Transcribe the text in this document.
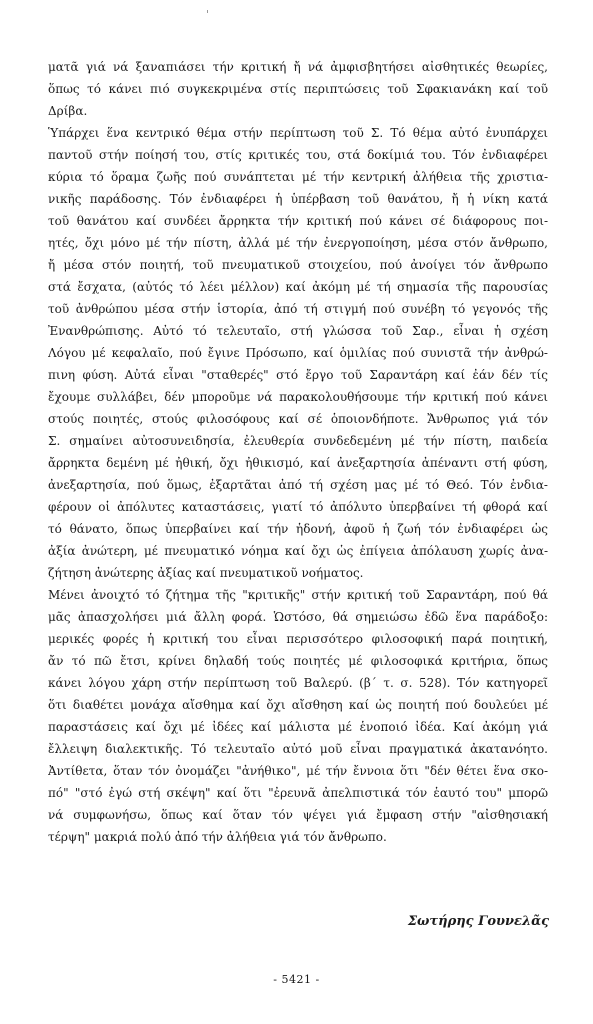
ματᾶ γιά νά ξαναπιάσει τήν κριτική ἤ νά ἀμφισβητήσει αἰσθητικές θεωρίες,
ὅπως τό κάνει πιό συγκεκριμένα στίς περιπτώσεις τοῦ Σφακιανάκη καί τοῦ
Δρίβα.
Ὑπάρχει ἕνα κεντρικό θέμα στήν περίπτωση τοῦ Σ. Τό θέμα αὐτό ἐνυπάρχει
παντοῦ στήν ποίησή του, στίς κριτικές του, στά δοκίμιά του. Τόν ἐνδιαφέρει
κύρια τό ὅραμα ζωῆς πού συνάπτεται μέ τήν κεντρική ἀλήθεια τῆς χριστια-
νικῆς παράδοσης. Τόν ἐνδιαφέρει ἡ ὑπέρβαση τοῦ θανάτου, ἤ ἡ νίκη κατά
τοῦ θανάτου καί συνδέει ἄρρηκτα τήν κριτική πού κάνει σέ διάφορους ποι-
ητές, ὄχι μόνο μέ τήν πίστη, ἀλλά μέ τήν ἐνεργοποίηση, μέσα στόν ἄνθρωπο,
ἤ μέσα στόν ποιητή, τοῦ πνευματικοῦ στοιχείου, πού ἀνοίγει τόν ἄνθρωπο
στά ἔσχατα, (αὐτός τό λέει μέλλον) καί ἀκόμη μέ τή σημασία τῆς παρουσίας
τοῦ ἀνθρώπου μέσα στήν ἱστορία, ἀπό τή στιγμή πού συνέβη τό γεγονός τῆς
Ἐνανθρώπισης. Αὐτό τό τελευταῖο, στή γλώσσα τοῦ Σαρ., εἶναι ἡ σχέση
Λόγου μέ κεφαλαῖο, πού ἔγινε Πρόσωπο, καί ὁμιλίας πού συνιστᾶ τήν ἀνθρώ-
πινη φύση. Αὐτά εἶναι "σταθερές" στό ἔργο τοῦ Σαραντάρη καί ἐάν δέν τίς
ἔχουμε συλλάβει, δέν μποροῦμε νά παρακολουθήσουμε τήν κριτική πού κάνει
στούς ποιητές, στούς φιλοσόφους καί σέ ὁποιονδήποτε. Ἄνθρωπος γιά τόν
Σ. σημαίνει αὐτοσυνειδησία, ἐλευθερία συνδεδεμένη μέ τήν πίστη, παιδεία
ἄρρηκτα δεμένη μέ ἠθική, ὄχι ἠθικισμό, καί ἀνεξαρτησία ἀπέναντι στή φύση,
ἀνεξαρτησία, πού ὅμως, ἐξαρτᾶται ἀπό τή σχέση μας μέ τό Θεό. Τόν ἐνδια-
φέρουν οἱ ἀπόλυτες καταστάσεις, γιατί τό ἀπόλυτο ὑπερβαίνει τή φθορά καί
τό θάνατο, ὅπως ὑπερβαίνει καί τήν ἡδονή, ἀφοῦ ἡ ζωή τόν ἐνδιαφέρει ὡς
ἀξία ἀνώτερη, μέ πνευματικό νόημα καί ὄχι ὡς ἐπίγεια ἀπόλαυση χωρίς ἀνα-
ζήτηση ἀνώτερης ἀξίας καί πνευματικοῦ νοήματος.
Μένει ἀνοιχτό τό ζήτημα τῆς "κριτικῆς" στήν κριτική τοῦ Σαραντάρη, πού θά
μᾶς ἀπασχολήσει μιά ἄλλη φορά. Ὡστόσο, θά σημειώσω ἐδῶ ἕνα παράδοξο:
μερικές φορές ἡ κριτική του εἶναι περισσότερο φιλοσοφική παρά ποιητική,
ἄν τό πῶ ἔτσι, κρίνει δηλαδή τούς ποιητές μέ φιλοσοφικά κριτήρια, ὅπως
κάνει λόγου χάρη στήν περίπτωση τοῦ Βαλερύ. (β΄ τ. σ. 528). Τόν κατηγορεῖ
ὅτι διαθέτει μονάχα αἴσθημα καί ὄχι αἴσθηση καί ὡς ποιητή πού δουλεύει μέ
παραστάσεις καί ὄχι μέ ἰδέες καί μάλιστα μέ ἑνοποιό ἰδέα. Καί ἀκόμη γιά
ἔλλειψη διαλεκτικῆς. Τό τελευταῖο αὐτό μοῦ εἶναι πραγματικά ἀκατανόητο.
Ἀντίθετα, ὅταν τόν ὀνομάζει "ἀνήθικο", μέ τήν ἔννοια ὅτι "δέν θέτει ἕνα σκο-
πό" "στό ἐγώ στή σκέψη" καί ὅτι "ἐρευνᾶ ἀπελπιστικά τόν ἑαυτό του" μπορῶ
νά συμφωνήσω, ὅπως καί ὅταν τόν ψέγει γιά ἔμφαση στήν "αἰσθησιακή
τέρψη" μακριά πολύ ἀπό τήν ἀλήθεια γιά τόν ἄνθρωπο.
Σωτήρης Γουνελᾶς
- 5421 -
